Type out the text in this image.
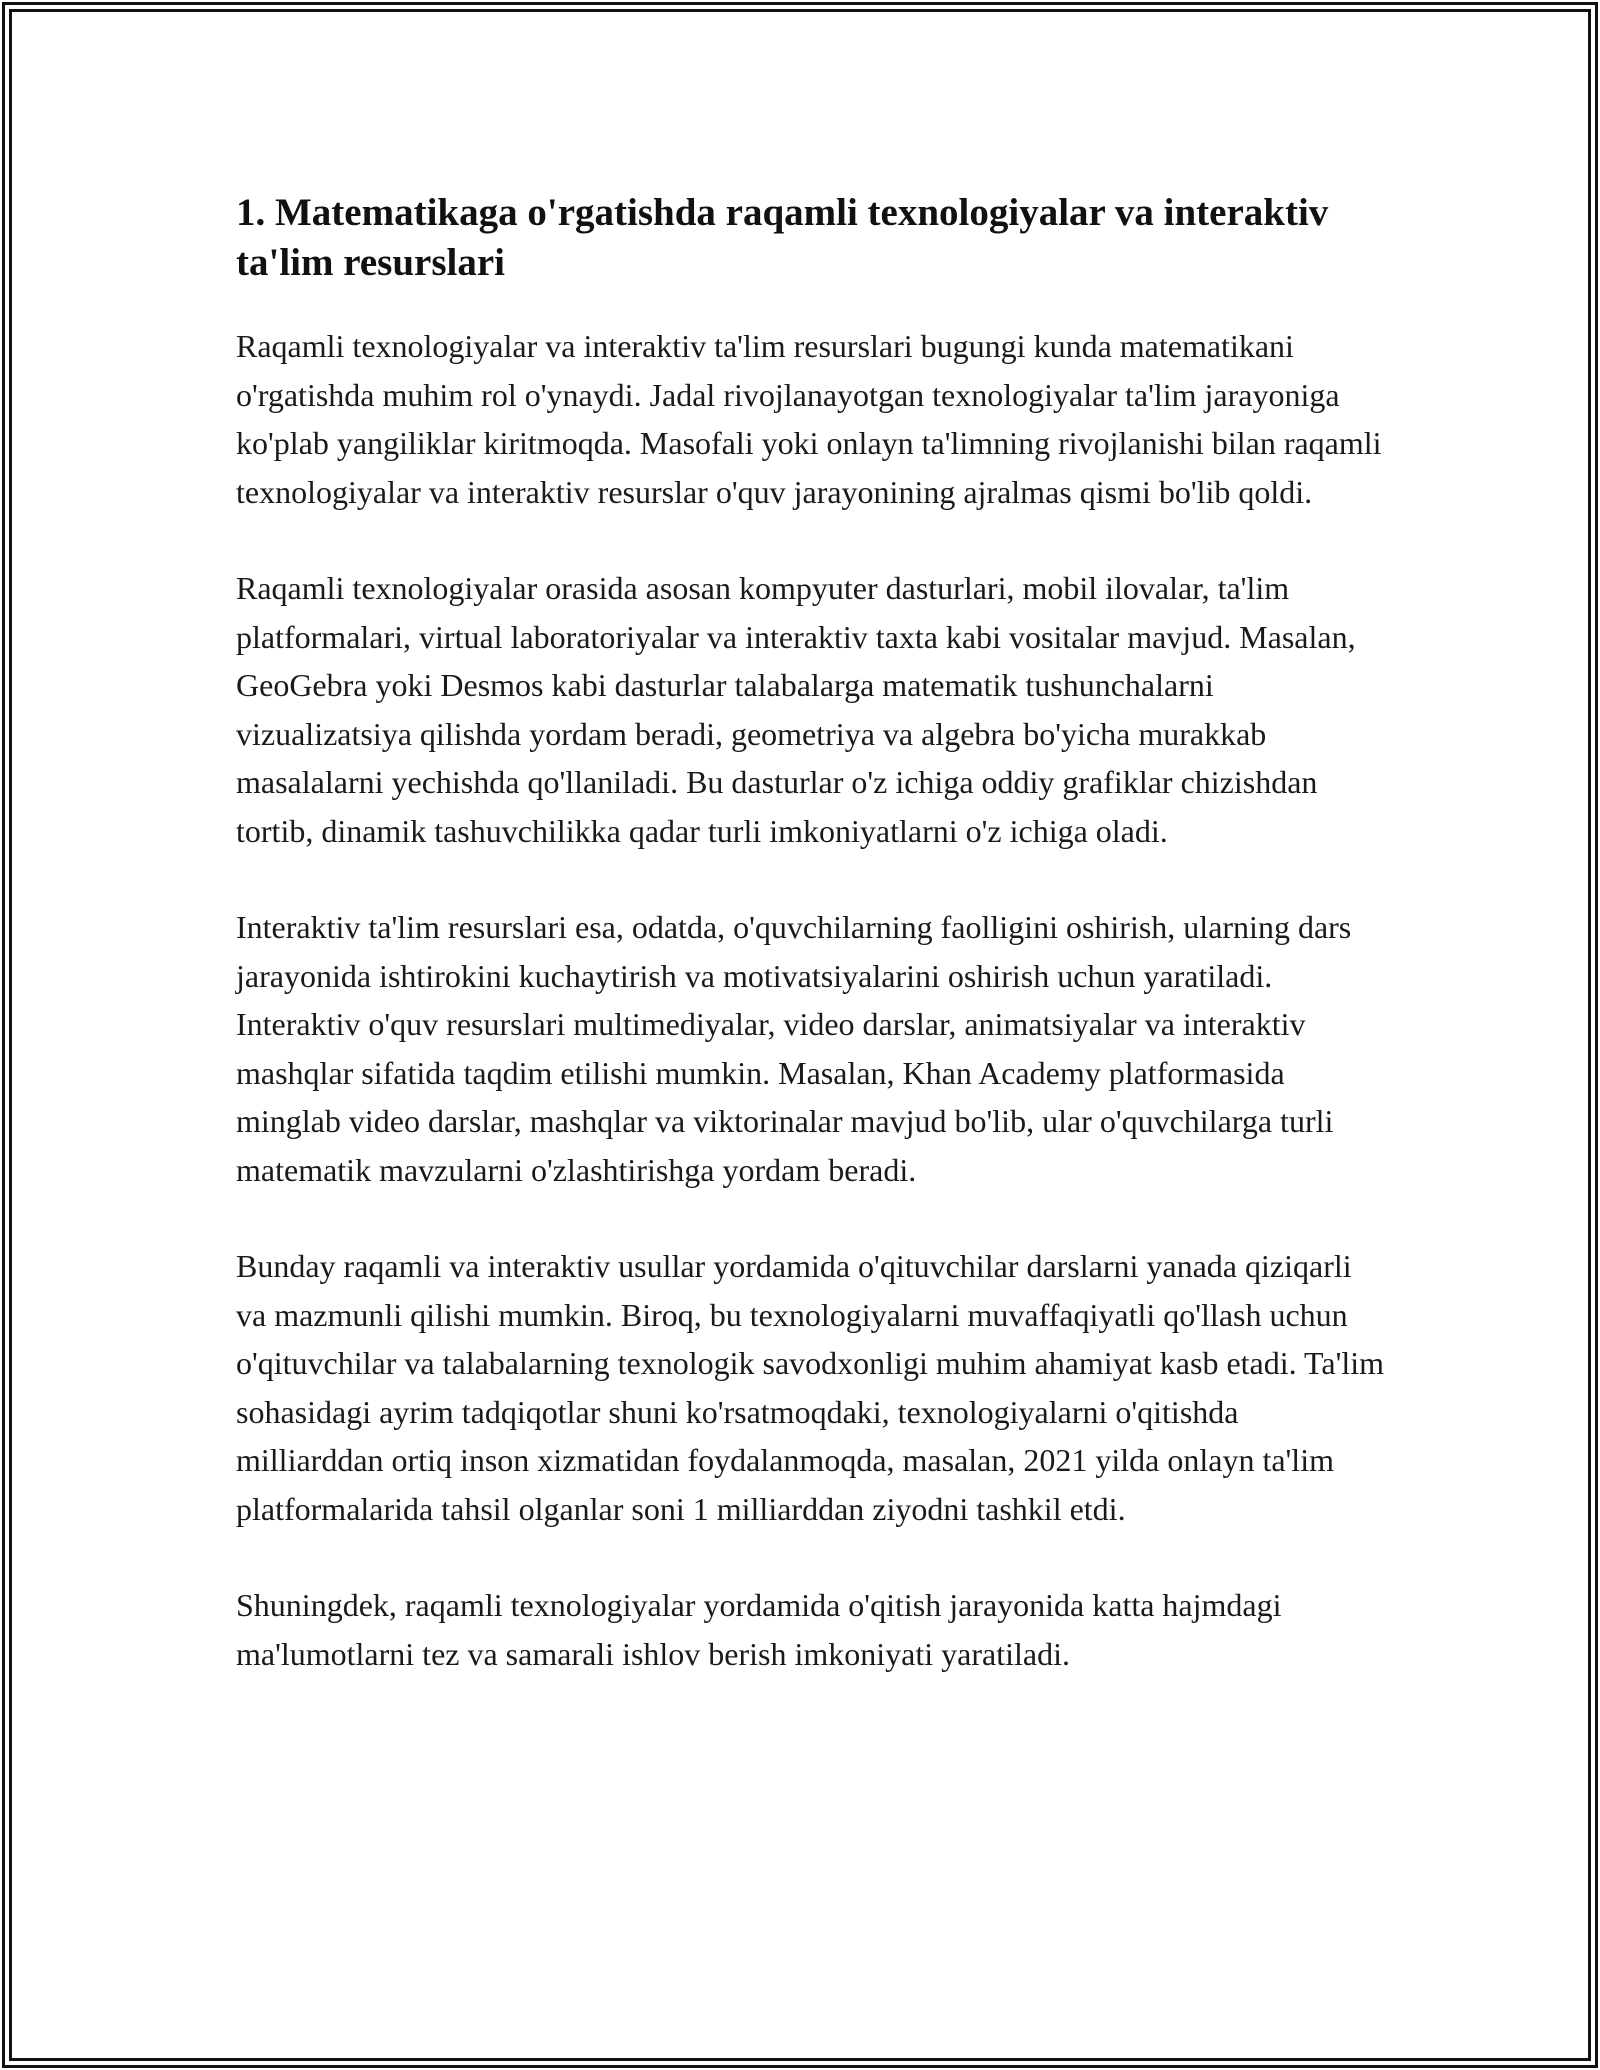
1. Matematikaga o'rgatishda raqamli texnologiyalar va interaktiv ta'lim resurslari

Raqamli texnologiyalar va interaktiv ta'lim resurslari bugungi kunda matematikani o'rgatishda muhim rol o'ynaydi. Jadal rivojlanayotgan texnologiyalar ta'lim jarayoniga ko'plab yangiliklar kiritmoqda. Masofali yoki onlayn ta'limning rivojlanishi bilan raqamli texnologiyalar va interaktiv resurslar o'quv jarayonining ajralmas qismi bo'lib qoldi.

Raqamli texnologiyalar orasida asosan kompyuter dasturlari, mobil ilovalar, ta'lim platformalari, virtual laboratoriyalar va interaktiv taxta kabi vositalar mavjud. Masalan, GeoGebra yoki Desmos kabi dasturlar talabalarga matematik tushunchalarni vizualizatsiya qilishda yordam beradi, geometriya va algebra bo'yicha murakkab masalalarni yechishda qo'llaniladi. Bu dasturlar o'z ichiga oddiy grafiklar chizishdan tortib, dinamik tashuvchilikka qadar turli imkoniyatlarni o'z ichiga oladi.

Interaktiv ta'lim resurslari esa, odatda, o'quvchilarning faolligini oshirish, ularning dars jarayonida ishtirokini kuchaytirish va motivatsiyalarini oshirish uchun yaratiladi. Interaktiv o'quv resurslari multimediyalar, video darslar, animatsiyalar va interaktiv mashqlar sifatida taqdim etilishi mumkin. Masalan, Khan Academy platformasida minglab video darslar, mashqlar va viktorinalar mavjud bo'lib, ular o'quvchilarga turli matematik mavzularni o'zlashtirishga yordam beradi.

Bunday raqamli va interaktiv usullar yordamida o'qituvchilar darslarni yanada qiziqarli va mazmunli qilishi mumkin. Biroq, bu texnologiyalarni muvaffaqiyatli qo'llash uchun o'qituvchilar va talabalarning texnologik savodxonligi muhim ahamiyat kasb etadi. Ta'lim sohasidagi ayrim tadqiqotlar shuni ko'rsatmoqdaki, texnologiyalarni o'qitishda milliarddan ortiq inson xizmatidan foydalanmoqda, masalan, 2021 yilda onlayn ta'lim platformalarida tahsil olganlar soni 1 milliarddan ziyodni tashkil etdi.

Shuningdek, raqamli texnologiyalar yordamida o'qitish jarayonida katta hajmdagi ma'lumotlarni tez va samarali ishlov berish imkoniyati yaratiladi.
